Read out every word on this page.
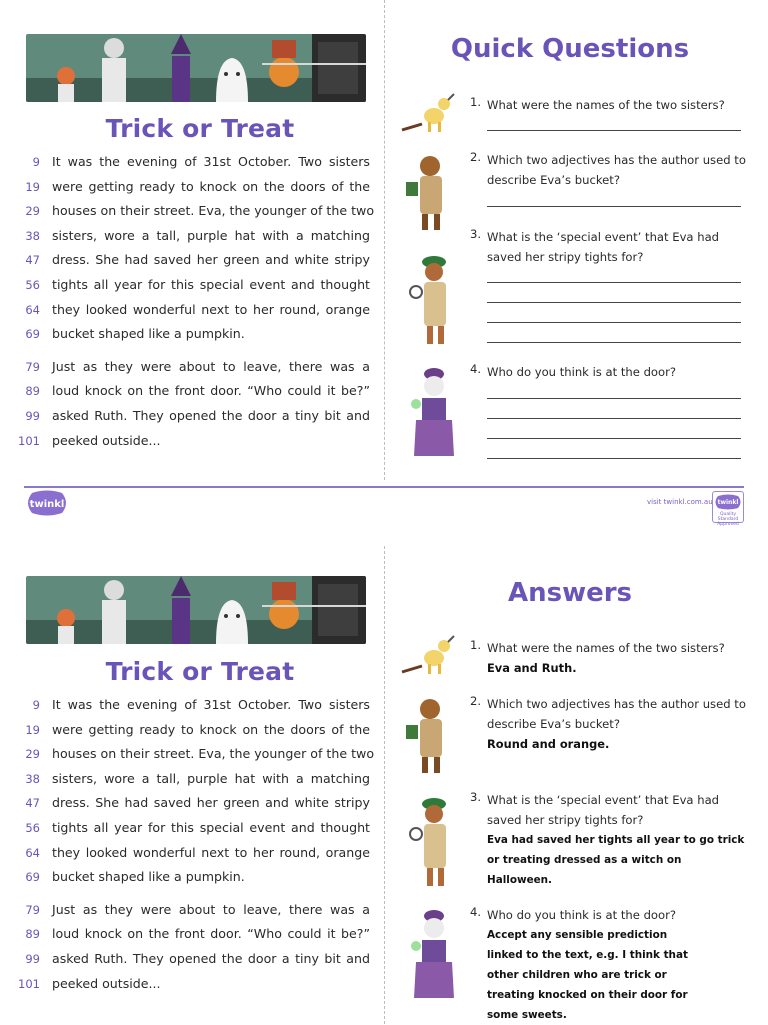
Trick or Treat
9 It was the evening of 31st October. Two sisters
19 were getting ready to knock on the doors of the
29 houses on their street. Eva, the younger of the two
38 sisters, wore a tall, purple hat with a matching
47 dress. She had saved her green and white stripy
56 tights all year for this special event and thought
64 they looked wonderful next to her round, orange
69 bucket shaped like a pumpkin.
79 Just as they were about to leave, there was a
89 loud knock on the front door. “Who could it be?”
99 asked Ruth. They opened the door a tiny bit and
101 peeked outside...
Quick Questions
1. What were the names of the two sisters?
2. Which two adjectives has the author used to describe Eva’s bucket?
3. What is the ‘special event’ that Eva had saved her stripy tights for?
4. Who do you think is at the door?
twinkl	visit twinkl.com.au twinkl
Quality Standard Approved
Trick or Treat
9 It was the evening of 31st October. Two sisters
19 were getting ready to knock on the doors of the
29 houses on their street. Eva, the younger of the two
38 sisters, wore a tall, purple hat with a matching
47 dress. She had saved her green and white stripy
56 tights all year for this special event and thought
64 they looked wonderful next to her round, orange
69 bucket shaped like a pumpkin.
79 Just as they were about to leave, there was a
89 loud knock on the front door. “Who could it be?”
99 asked Ruth. They opened the door a tiny bit and
101 peeked outside...
Answers
1. What were the names of the two sisters?
Eva and Ruth.
2. Which two adjectives has the author used to describe Eva’s bucket?
Round and orange.
3. What is the ‘special event’ that Eva had saved her stripy tights for?
Eva had saved her tights all year to go trick or treating dressed as a witch on Halloween.
4. Who do you think is at the door?
Accept any sensible prediction linked to the text, e.g. I think that other children who are trick or treating knocked on their door for some sweets.
